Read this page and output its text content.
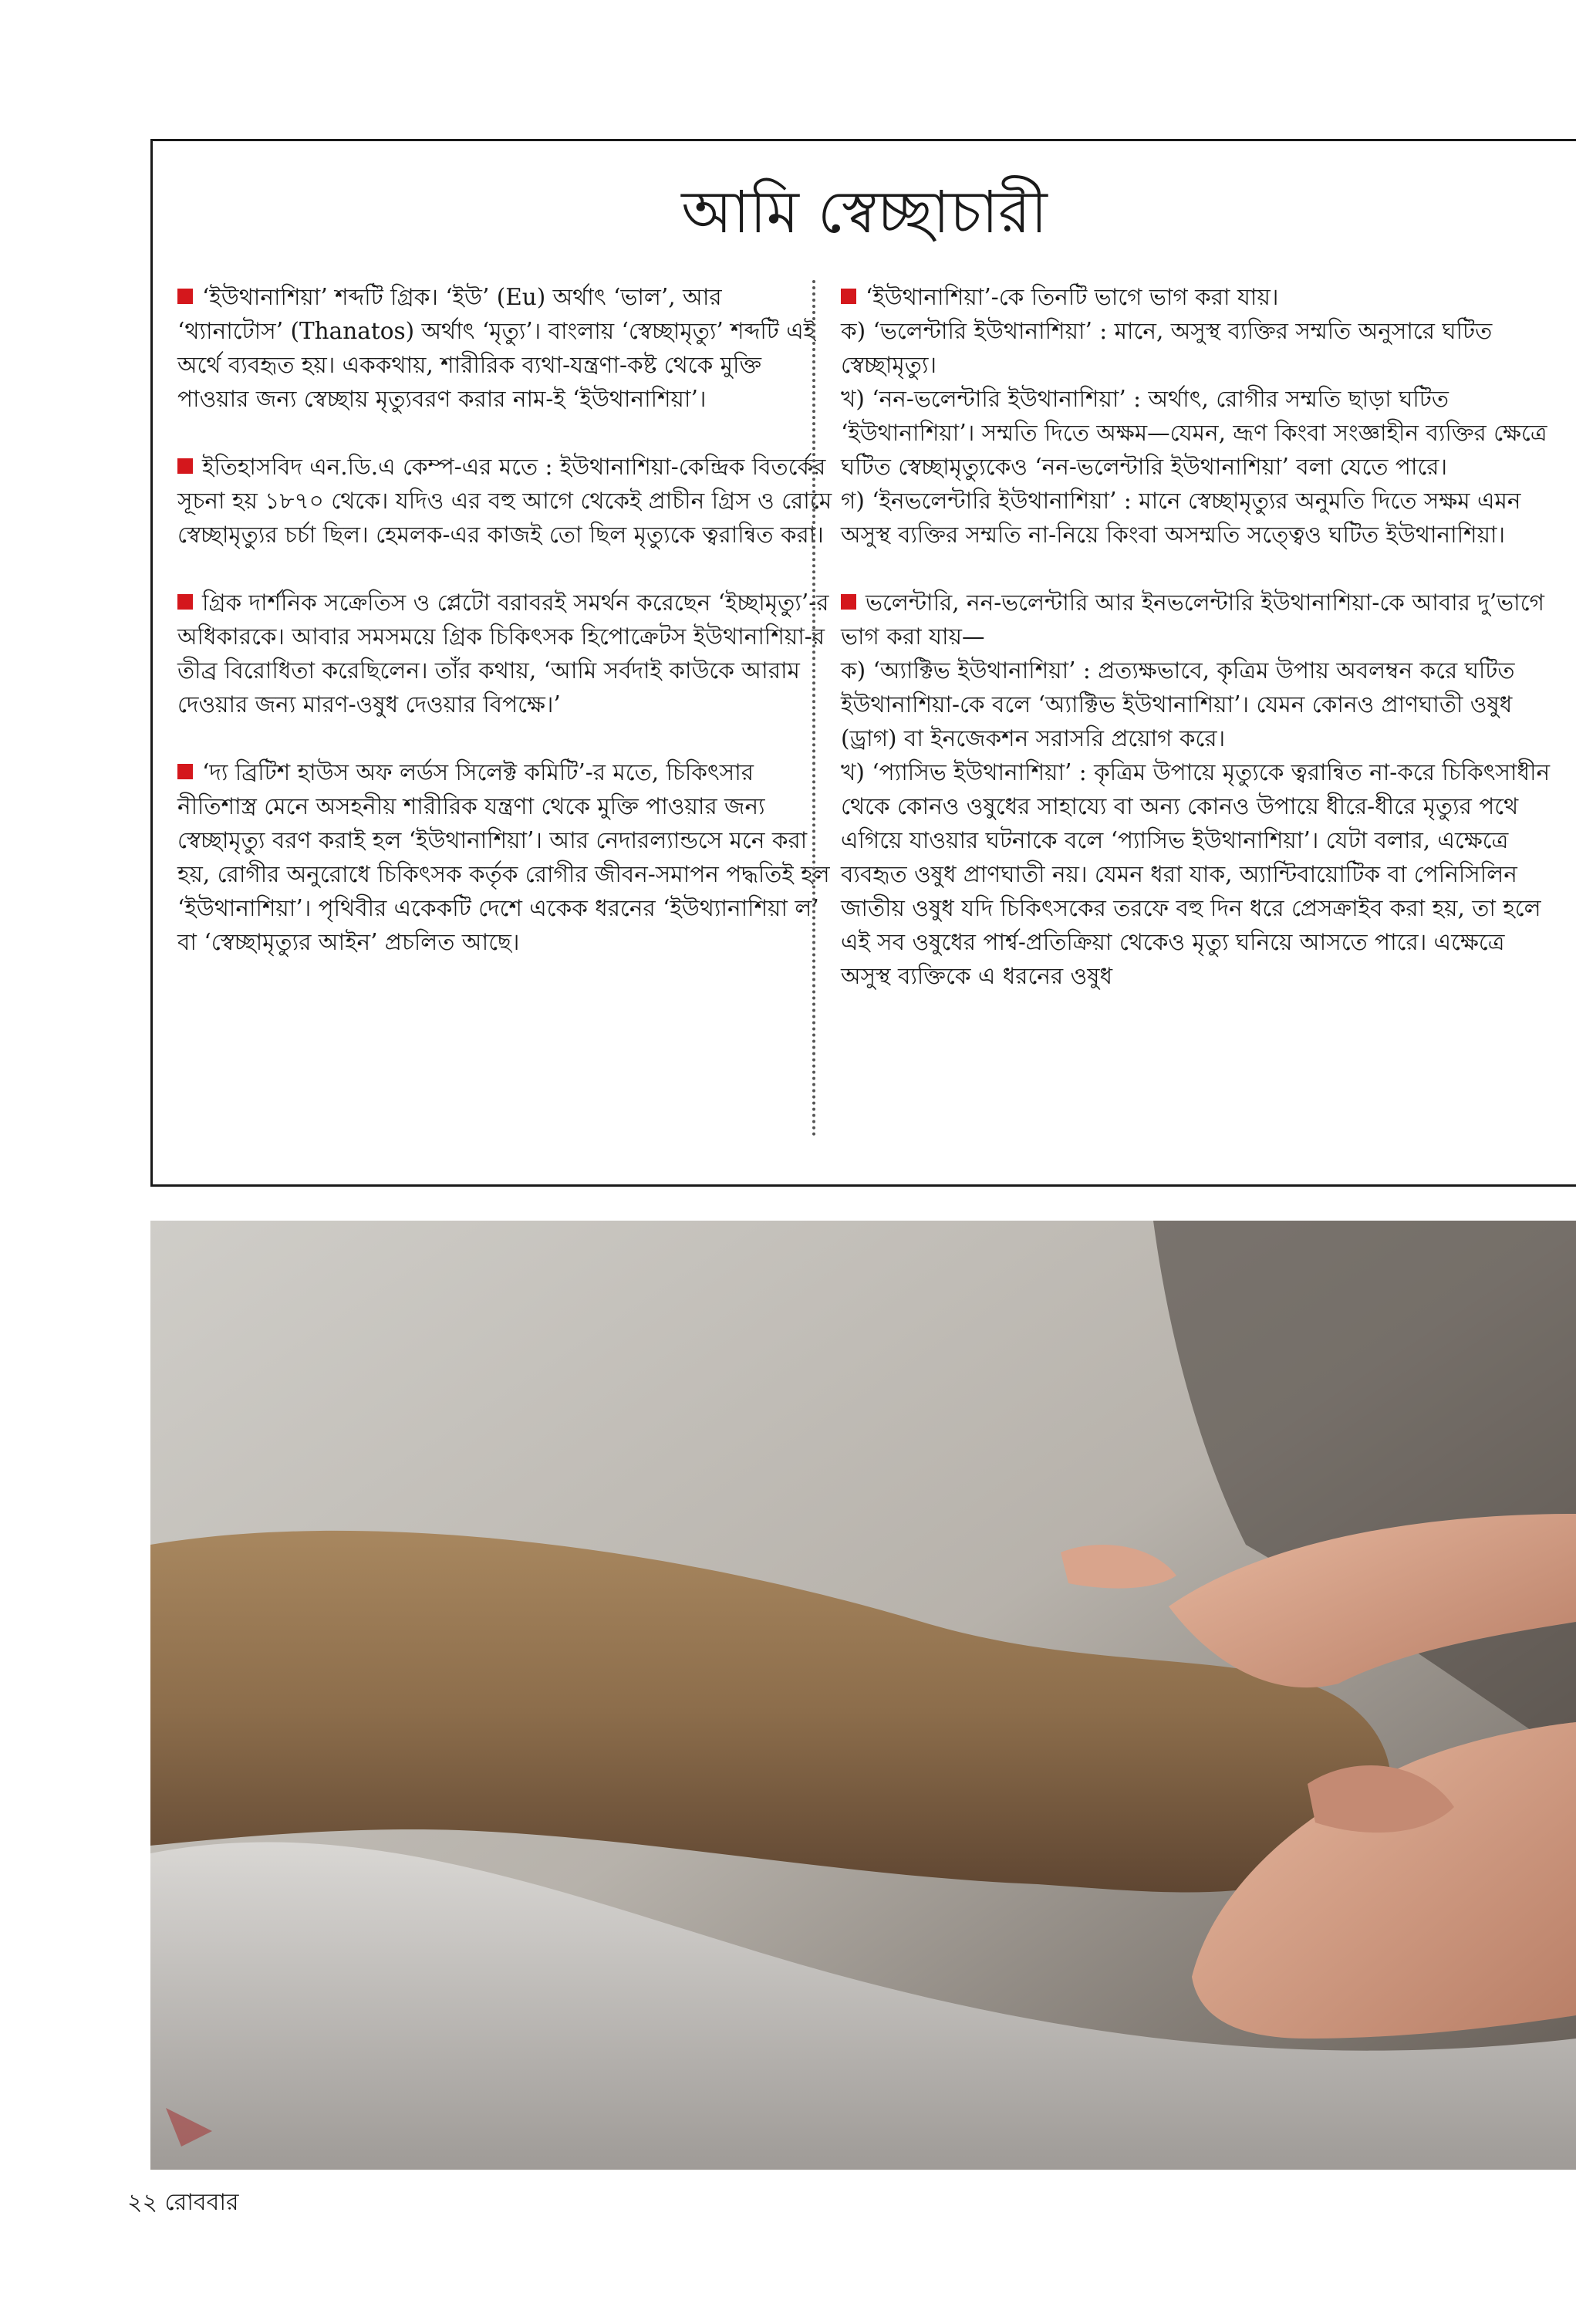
আমি স্বেচ্ছাচারী

‘ইউথানাশিয়া’ শব্দটি গ্রিক। ‘ইউ’ (Eu) অর্থাৎ ‘ভাল’, আর ‘থ্যানাটোস’ (Thanatos) অর্থাৎ ‘মৃত্যু’। বাংলায় ‘স্বেচ্ছামৃত্যু’ শব্দটি এই অর্থে ব্যবহৃত হয়। এককথায়, শারীরিক ব্যথা-যন্ত্রণা-কষ্ট থেকে মুক্তি পাওয়ার জন্য স্বেচ্ছায় মৃত্যুবরণ করার নাম-ই ‘ইউথানাশিয়া’।

ইতিহাসবিদ এন.ডি.এ কেম্প-এর মতে : ইউথানাশিয়া-কেন্দ্রিক বিতর্কের সূচনা হয় ১৮৭০ থেকে। যদিও এর বহু আগে থেকেই প্রাচীন গ্রিস ও রোমে স্বেচ্ছামৃত্যুর চর্চা ছিল। হেমলক-এর কাজই তো ছিল মৃত্যুকে ত্বরান্বিত করা।

গ্রিক দার্শনিক সক্রেতিস ও প্লেটো বরাবরই সমর্থন করেছেন ‘ইচ্ছামৃত্যু’-র অধিকারকে। আবার সমসময়ে গ্রিক চিকিৎসক হিপোক্রেটস ইউথানাশিয়া-র তীব্র বিরোধিতা করেছিলেন। তাঁর কথায়, ‘আমি সর্বদাই কাউকে আরাম দেওয়ার জন্য মারণ-ওষুধ দেওয়ার বিপক্ষে।’

‘দ্য ব্রিটিশ হাউস অফ লর্ডস সিলেক্ট কমিটি’-র মতে, চিকিৎসার নীতিশাস্ত্র মেনে অসহনীয় শারীরিক যন্ত্রণা থেকে মুক্তি পাওয়ার জন্য স্বেচ্ছামৃত্যু বরণ করাই হল ‘ইউথানাশিয়া’। আর নেদারল্যান্ডসে মনে করা হয়, রোগীর অনুরোধে চিকিৎসক কর্তৃক রোগীর জীবন-সমাপন পদ্ধতিই হল ‘ইউথানাশিয়া’। পৃথিবীর একেকটি দেশে একেক ধরনের ‘ইউথ্যানাশিয়া ল’ বা ‘স্বেচ্ছামৃত্যুর আইন’ প্রচলিত আছে।

‘ইউথানাশিয়া’-কে তিনটি ভাগে ভাগ করা যায়।
ক) ‘ভলেন্টারি ইউথানাশিয়া’ : মানে, অসুস্থ ব্যক্তির সম্মতি অনুসারে ঘটিত স্বেচ্ছামৃত্যু।
খ) ‘নন-ভলেন্টারি ইউথানাশিয়া’ : অর্থাৎ, রোগীর সম্মতি ছাড়া ঘটিত ‘ইউথানাশিয়া’। সম্মতি দিতে অক্ষম—যেমন, ভ্রূণ কিংবা সংজ্ঞাহীন ব্যক্তির ক্ষেত্রে ঘটিত স্বেচ্ছামৃত্যুকেও ‘নন-ভলেন্টারি ইউথানাশিয়া’ বলা যেতে পারে।
গ) ‘ইনভলেন্টারি ইউথানাশিয়া’ : মানে স্বেচ্ছামৃত্যুর অনুমতি দিতে সক্ষম এমন অসুস্থ ব্যক্তির সম্মতি না-নিয়ে কিংবা অসম্মতি সত্ত্বেও ঘটিত ইউথানাশিয়া।
ভলেন্টারি, নন-ভলেন্টারি আর ইনভলেন্টারি ইউথানাশিয়া-কে আবার দু’ভাগে ভাগ করা যায়—
ক) ‘অ্যাক্টিভ ইউথানাশিয়া’ : প্রত্যক্ষভাবে, কৃত্রিম উপায় অবলম্বন করে ঘটিত ইউথানাশিয়া-কে বলে ‘অ্যাক্টিভ ইউথানাশিয়া’। যেমন কোনও প্রাণঘাতী ওষুধ (ড্রাগ) বা ইনজেকশন সরাসরি প্রয়োগ করে।
খ) ‘প্যাসিভ ইউথানাশিয়া’ : কৃত্রিম উপায়ে মৃত্যুকে ত্বরান্বিত না-করে চিকিৎসাধীন থেকে কোনও ওষুধের সাহায্যে বা অন্য কোনও উপায়ে ধীরে-ধীরে মৃত্যুর পথে এগিয়ে যাওয়ার ঘটনাকে বলে ‘প্যাসিভ ইউথানাশিয়া’। যেটা বলার, এক্ষেত্রে ব্যবহৃত ওষুধ প্রাণঘাতী নয়। যেমন ধরা যাক, অ্যান্টিবায়োটিক বা পেনিসিলিন জাতীয় ওষুধ যদি চিকিৎসকের তরফে বহু দিন ধরে প্রেসক্রাইব করা হয়, তা হলে এই সব ওষুধের পার্শ্ব-প্রতিক্রিয়া থেকেও মৃত্যু ঘনিয়ে আসতে পারে। এক্ষেত্রে অসুস্থ ব্যক্তিকে এ ধরনের ওষুধ

২২ রোববার
